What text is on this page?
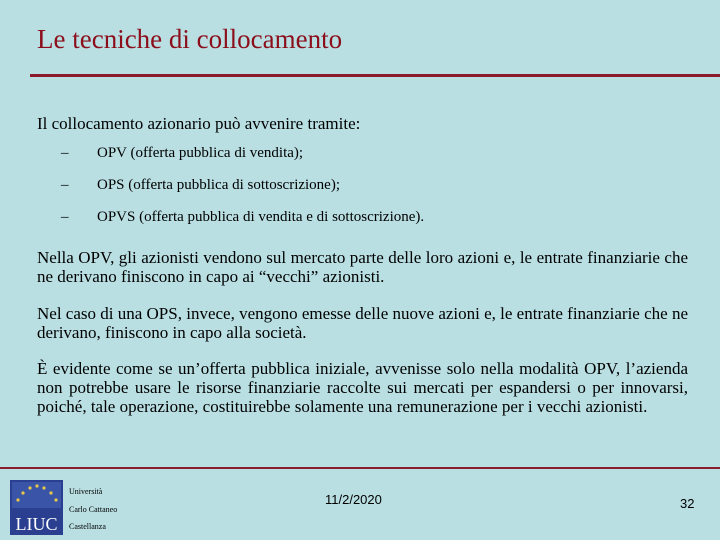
Le tecniche di collocamento
Il collocamento azionario può avvenire tramite:
–	OPV (offerta pubblica di vendita);
–	OPS (offerta pubblica di sottoscrizione);
–	OPVS (offerta pubblica di vendita e di sottoscrizione).

Nella OPV, gli azionisti vendono sul mercato parte delle loro azioni e, le entrate finanziarie che ne derivano finiscono in capo ai “vecchi” azionisti.

Nel caso di una OPS, invece, vengono emesse delle nuove azioni e, le entrate finanziarie che ne derivano, finiscono in capo alla società.

È evidente come se un’offerta pubblica iniziale, avvenisse solo nella modalità OPV, l’azienda non potrebbe usare le risorse finanziarie raccolte sui mercati per espandersi o per innovarsi, poiché, tale operazione, costituirebbe solamente una remunerazione per i vecchi azionisti.

LIUC
Università
Carlo Cattaneo
Castellanza
11/2/2020	32
